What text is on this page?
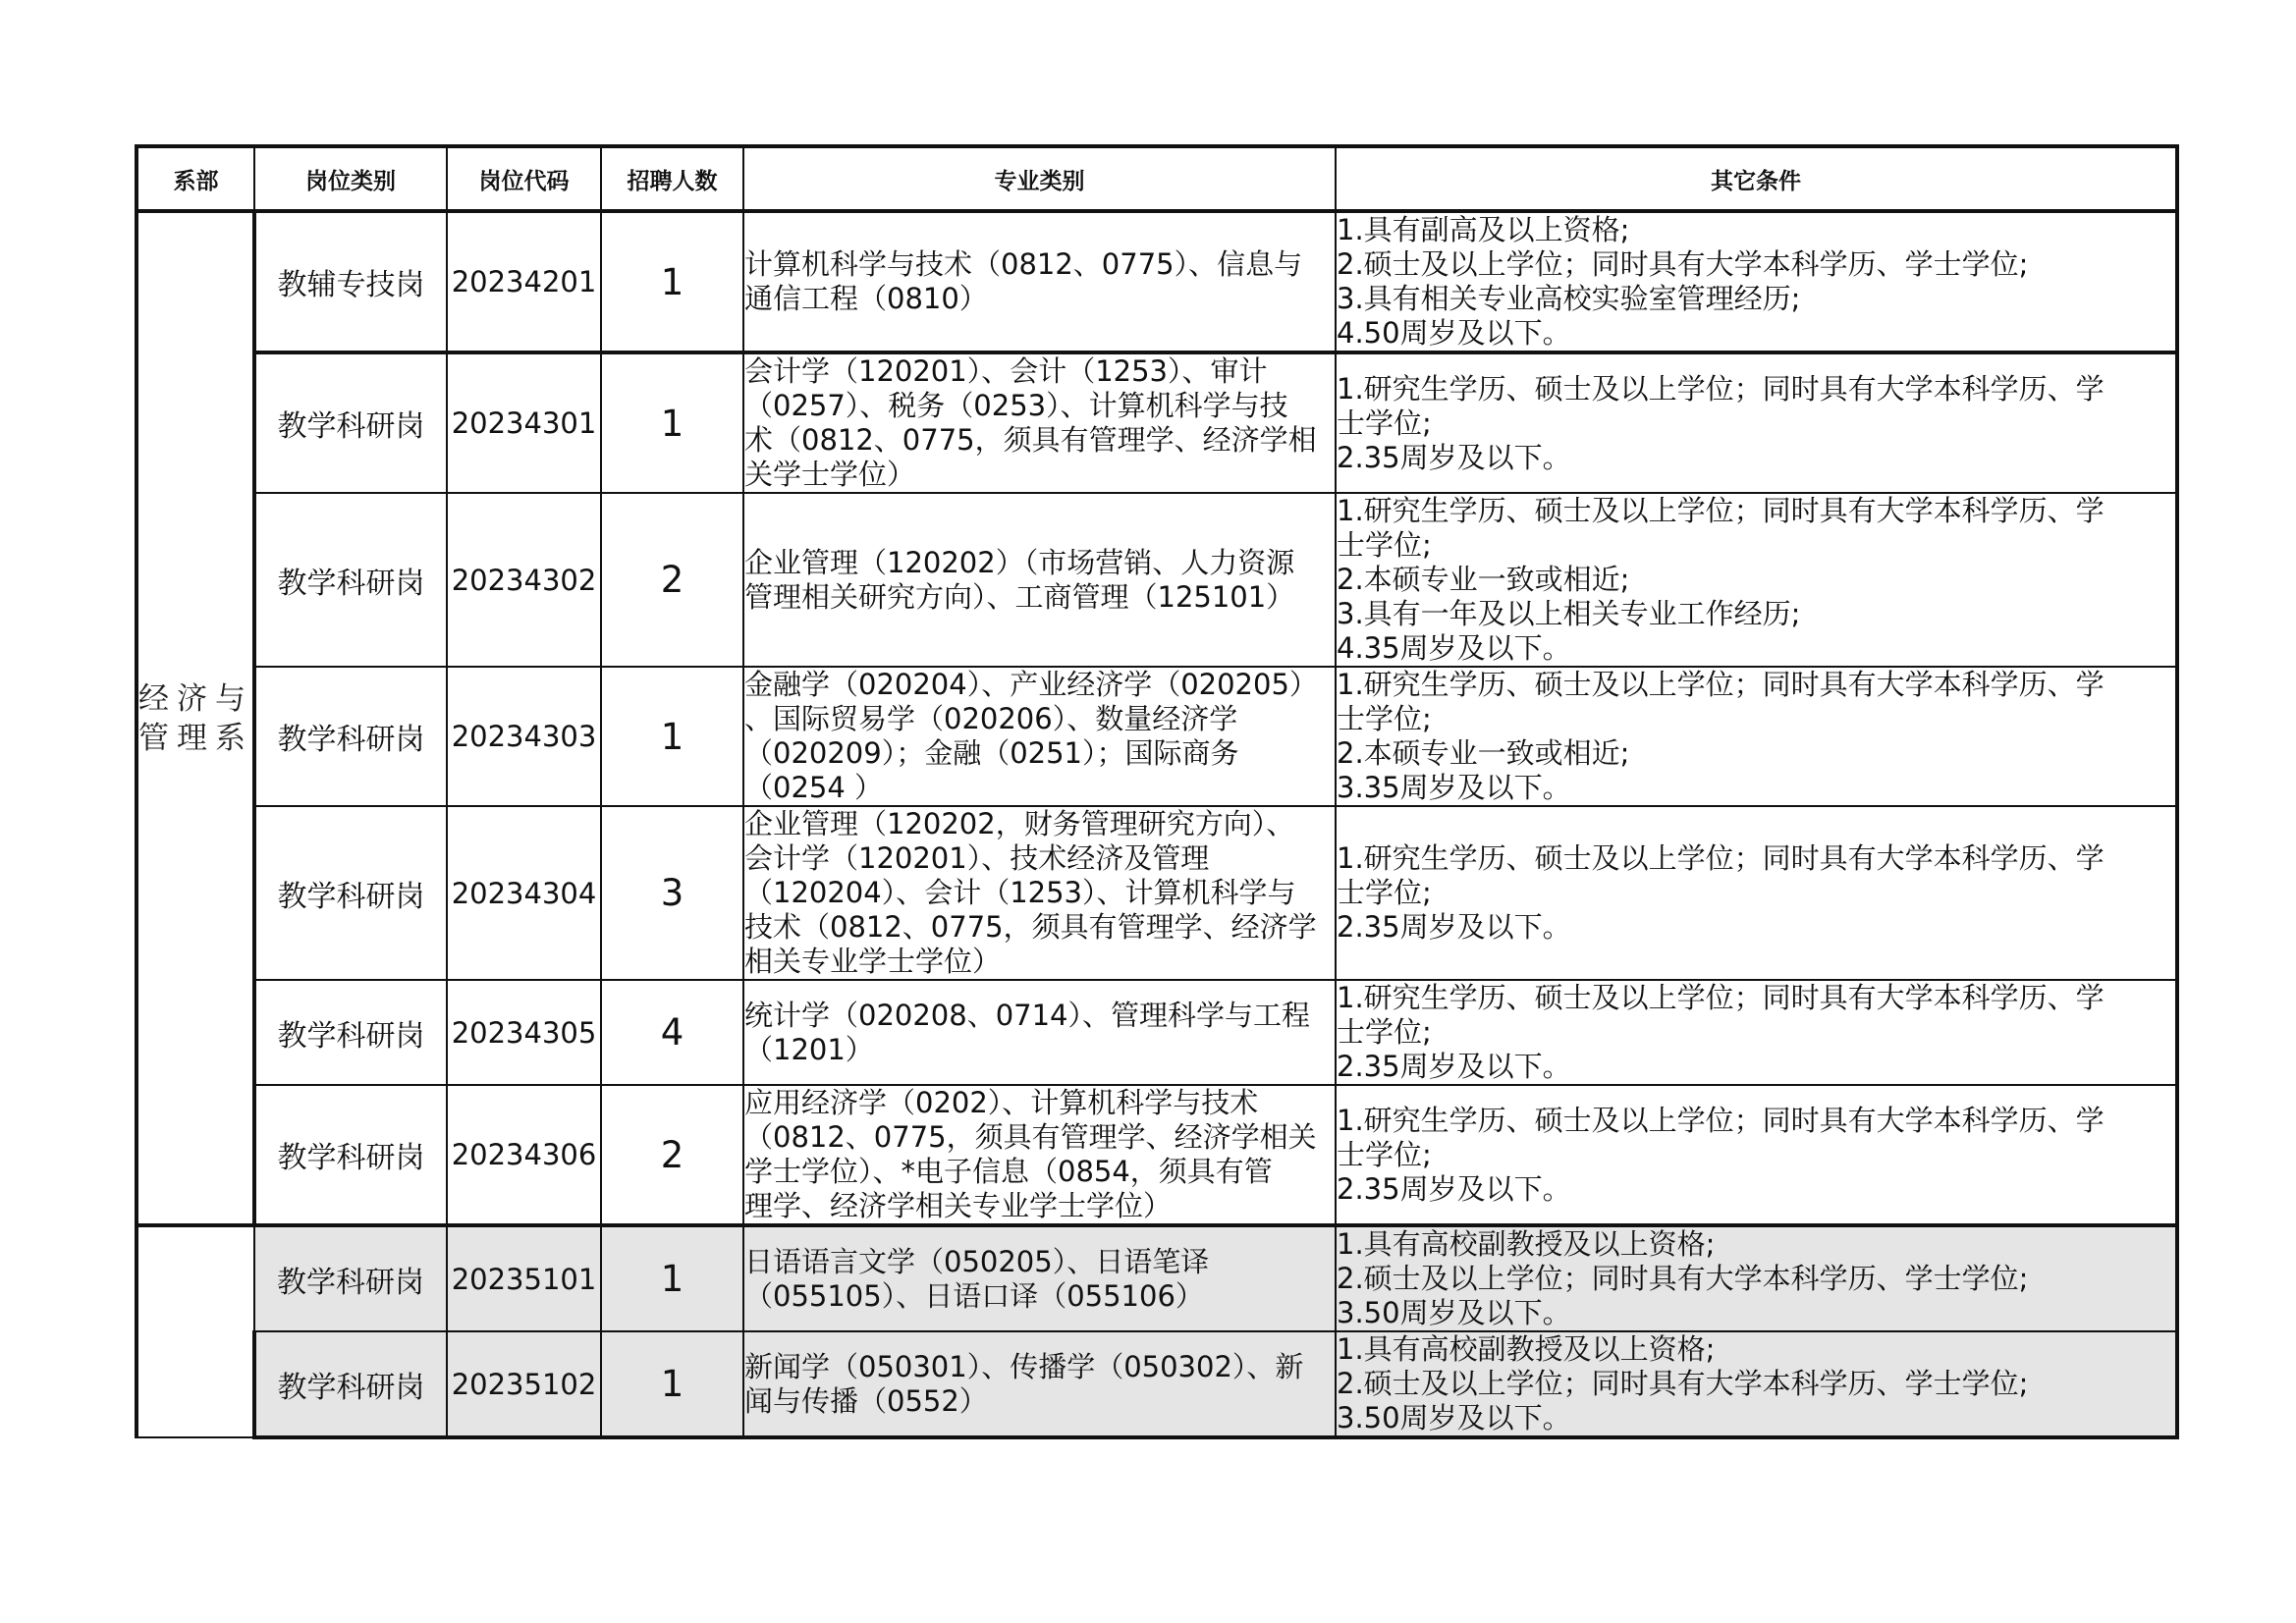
系部	岗位类别	岗位代码	招聘人数	专业类别	其它条件

经济与
管理系	教辅专技岗	20234201	1	计算机科学与技术（0812、0775）、信息与
通信工程（0810）	1.具有副高及以上资格;
2.硕士及以上学位；同时具有大学本科学历、学士学位;
3.具有相关专业高校实验室管理经历;
4.50周岁及以下。

	教学科研岗	20234301	1	会计学（120201）、会计（1253）、审计
（0257）、税务（0253）、计算机科学与技
术（0812、0775，须具有管理学、经济学相
关学士学位）	1.研究生学历、硕士及以上学位；同时具有大学本科学历、学
士学位;
2.35周岁及以下。

	教学科研岗	20234302	2	企业管理（120202）（市场营销、人力资源
管理相关研究方向）、工商管理（125101）	1.研究生学历、硕士及以上学位；同时具有大学本科学历、学
士学位;
2.本硕专业一致或相近;
3.具有一年及以上相关专业工作经历;
4.35周岁及以下。

	教学科研岗	20234303	1	金融学（020204）、产业经济学（020205）
、国际贸易学（020206）、数量经济学
（020209）；金融（0251）；国际商务
（0254 ）	1.研究生学历、硕士及以上学位；同时具有大学本科学历、学
士学位;
2.本硕专业一致或相近;
3.35周岁及以下。

	教学科研岗	20234304	3	企业管理（120202，财务管理研究方向）、
会计学（120201）、技术经济及管理
（120204）、会计（1253）、计算机科学与
技术（0812、0775，须具有管理学、经济学
相关专业学士学位）	1.研究生学历、硕士及以上学位；同时具有大学本科学历、学
士学位;
2.35周岁及以下。

	教学科研岗	20234305	4	统计学（020208、0714）、管理科学与工程
（1201）	1.研究生学历、硕士及以上学位；同时具有大学本科学历、学
士学位;
2.35周岁及以下。

	教学科研岗	20234306	2	应用经济学（0202）、计算机科学与技术
（0812、0775，须具有管理学、经济学相关
学士学位）、*电子信息（0854，须具有管
理学、经济学相关专业学士学位）	1.研究生学历、硕士及以上学位；同时具有大学本科学历、学
士学位;
2.35周岁及以下。

	教学科研岗	20235101	1	日语语言文学（050205）、日语笔译
（055105）、日语口译（055106）	1.具有高校副教授及以上资格;
2.硕士及以上学位；同时具有大学本科学历、学士学位;
3.50周岁及以下。

	教学科研岗	20235102	1	新闻学（050301）、传播学（050302）、新
闻与传播（0552）	1.具有高校副教授及以上资格;
2.硕士及以上学位；同时具有大学本科学历、学士学位;
3.50周岁及以下。
